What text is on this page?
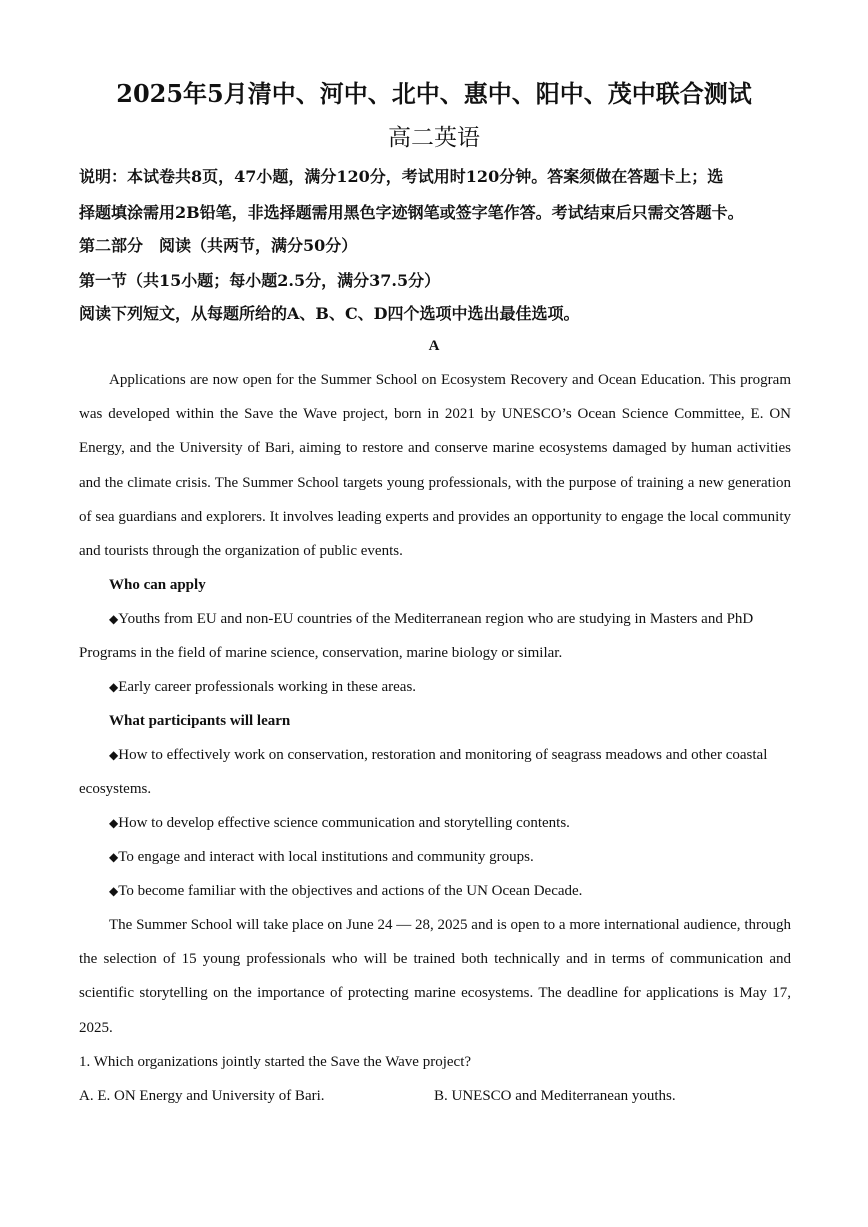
2025年5月清中、河中、北中、惠中、阳中、茂中联合测试
高二英语
说明：本试卷共8页，47小题，满分120分，考试用时120分钟。答案须做在答题卡上；选
择题填涂需用2B铅笔，非选择题需用黑色字迹钢笔或签字笔作答。考试结束后只需交答题卡。
第二部分　阅读（共两节，满分50分）
第一节（共15小题；每小题2.5分，满分37.5分）
阅读下列短文，从每题所给的A、B、C、D四个选项中选出最佳选项。
A
Applications are now open for the Summer School on Ecosystem Recovery and Ocean Education. This program was developed within the Save the Wave project, born in 2021 by UNESCO’s Ocean Science Committee, E. ON Energy, and the University of Bari, aiming to restore and conserve marine ecosystems damaged by human activities and the climate crisis. The Summer School targets young professionals, with the purpose of training a new generation of sea guardians and explorers. It involves leading experts and provides an opportunity to engage the local community and tourists through the organization of public events.
Who can apply
◆Youths from EU and non-EU countries of the Mediterranean region who are studying in Masters and PhD Programs in the field of marine science, conservation, marine biology or similar.
◆Early career professionals working in these areas.
What participants will learn
◆How to effectively work on conservation, restoration and monitoring of seagrass meadows and other coastal ecosystems.
◆How to develop effective science communication and storytelling contents.
◆To engage and interact with local institutions and community groups.
◆To become familiar with the objectives and actions of the UN Ocean Decade.
The Summer School will take place on June 24 — 28, 2025 and is open to a more international audience, through the selection of 15 young professionals who will be trained both technically and in terms of communication and scientific storytelling on the importance of protecting marine ecosystems. The deadline for applications is May 17, 2025.
1. Which organizations jointly started the Save the Wave project?
A. E. ON Energy and University of Bari.	B. UNESCO and Mediterranean youths.
